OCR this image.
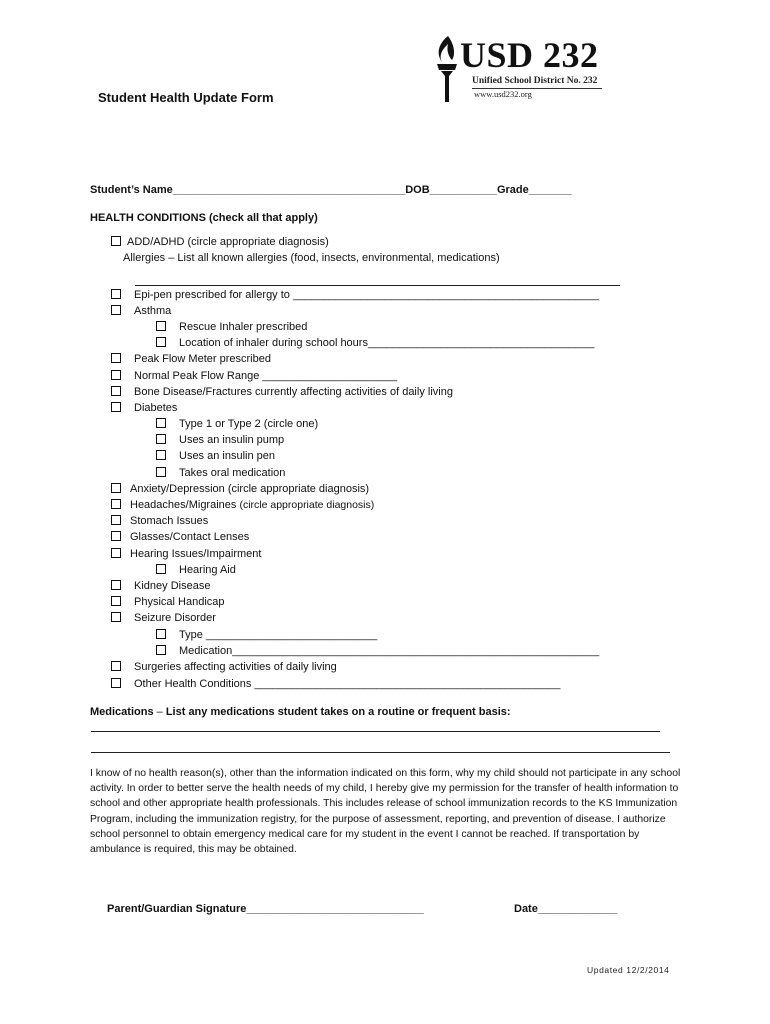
Student Health Update Form
USD 232
Unified School District No. 232
www.usd232.org
Student’s Name______________________________________DOB___________Grade_______
HEALTH CONDITIONS (check all that apply)
ADD/ADHD (circle appropriate diagnosis)
Allergies – List all known allergies (food, insects, environmental, medications)
Epi-pen prescribed for allergy to __________________________________________________
Asthma
Rescue Inhaler prescribed
Location of inhaler during school hours_____________________________________
Peak Flow Meter prescribed
Normal Peak Flow Range ______________________
Bone Disease/Fractures currently affecting activities of daily living
Diabetes
Type 1 or Type 2 (circle one)
Uses an insulin pump
Uses an insulin pen
Takes oral medication
Anxiety/Depression (circle appropriate diagnosis)
Headaches/Migraines (circle appropriate diagnosis)
Stomach Issues
Glasses/Contact Lenses
Hearing Issues/Impairment
Hearing Aid
Kidney Disease
Physical Handicap
Seizure Disorder
Type ____________________________
Medication____________________________________________________________
Surgeries affecting activities of daily living
Other Health Conditions __________________________________________________
Medications – List any medications student takes on a routine or frequent basis:
I know of no health reason(s), other than the information indicated on this form, why my child should not participate in any school activity. In order to better serve the health needs of my child, I hereby give my permission for the transfer of health information to school and other appropriate health professionals. This includes release of school immunization records to the KS Immunization Program, including the immunization registry, for the purpose of assessment, reporting, and prevention of disease. I authorize school personnel to obtain emergency medical care for my student in the event I cannot be reached. If transportation by ambulance is required, this may be obtained.
Parent/Guardian Signature_____________________________	Date_____________
Updated 12/2/2014
